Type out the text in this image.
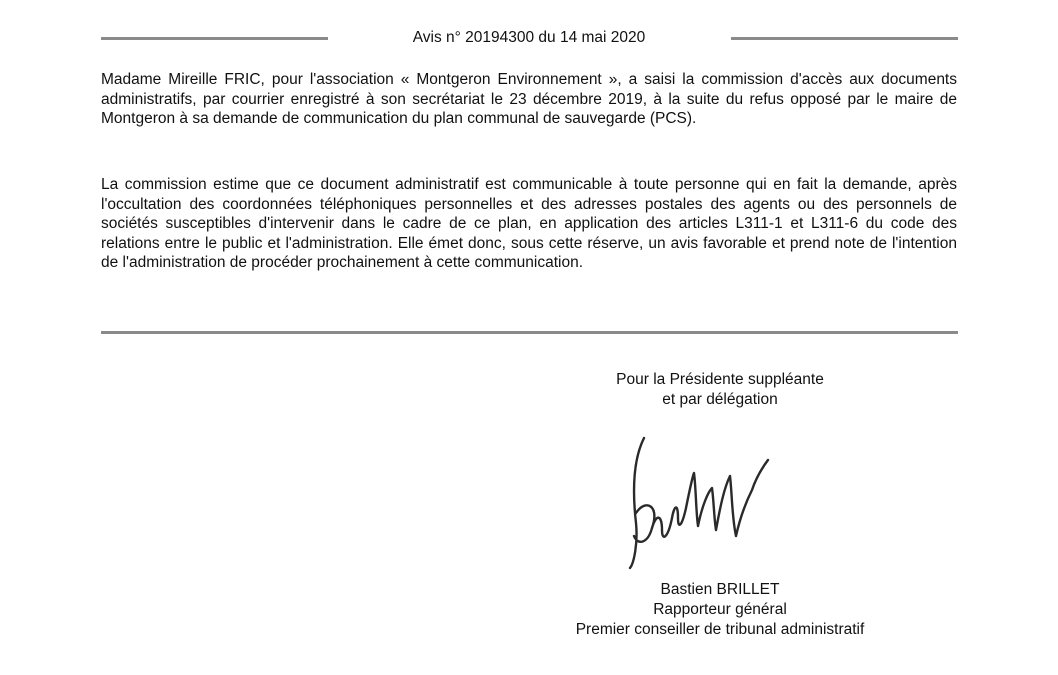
Avis n° 20194300 du 14 mai 2020

Madame Mireille FRIC, pour l'association « Montgeron Environnement », a saisi la commission d'accès aux documents administratifs, par courrier enregistré à son secrétariat le 23 décembre 2019, à la suite du refus opposé par le maire de Montgeron à sa demande de communication du plan communal de sauvegarde (PCS).

La commission estime que ce document administratif est communicable à toute personne qui en fait la demande, après l'occultation des coordonnées téléphoniques personnelles et des adresses postales des agents ou des personnels de sociétés susceptibles d'intervenir dans le cadre de ce plan, en application des articles L311-1 et L311-6 du code des relations entre le public et l'administration. Elle émet donc, sous cette réserve, un avis favorable et prend note de l'intention de l'administration de procéder prochainement à cette communication.

Pour la Présidente suppléante
et par délégation
Bastien BRILLET
Rapporteur général
Premier conseiller de tribunal administratif
